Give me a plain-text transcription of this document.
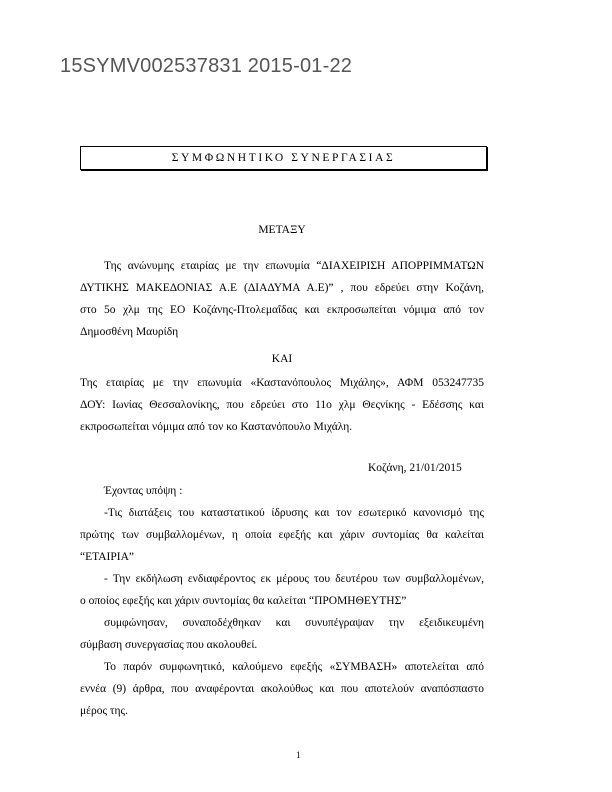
15SYMV002537831 2015-01-22
ΣΥΜΦΩΝΗΤΙΚΟ ΣΥΝΕΡΓΑΣΙΑΣ
ΜΕΤΑΞΥ
Της ανώνυμης εταιρίας με την επωνυμία “ΔΙΑΧΕΙΡΙΣΗ ΑΠΟΡΡΙΜΜΑΤΩΝ
ΔΥΤΙΚΗΣ ΜΑΚΕΔΟΝΙΑΣ Α.Ε (ΔΙΑΔΥΜΑ Α.Ε)” , που εδρεύει στην Κοζάνη,
στο 5ο χλμ της ΕΟ Κοζάνης-Πτολεμαΐδας και εκπροσωπείται νόμιμα από τον
Δημοσθένη Μαυρίδη
ΚΑΙ
Της εταιρίας με την επωνυμία «Καστανόπουλος Μιχάλης», ΑΦΜ 053247735
ΔΟΥ: Ιωνίας Θεσσαλονίκης, που εδρεύει στο 11ο χλμ Θεςνίκης - Εδέσσης και
εκπροσωπείται νόμιμα από τον κο Καστανόπουλο Μιχάλη.
Κοζάνη, 21/01/2015
Έχοντας υπόψη :
-Τις διατάξεις του καταστατικού ίδρυσης και τον εσωτερικό κανονισμό της
πρώτης των συμβαλλομένων, η οποία εφεξής και χάριν συντομίας θα καλείται
“ΕΤΑΙΡΙΑ”
- Την εκδήλωση ενδιαφέροντος εκ μέρους του δευτέρου των συμβαλλομένων,
ο οποίος εφεξής και χάριν συντομίας θα καλείται “ΠΡΟΜΗΘΕΥΤΗΣ”
συμφώνησαν, συναποδέχθηκαν και συνυπέγραψαν την εξειδικευμένη
σύμβαση συνεργασίας που ακολουθεί.
Το παρόν συμφωνητικό, καλούμενο εφεξής «ΣΥΜΒΑΣΗ» αποτελείται από
εννέα (9) άρθρα, που αναφέρονται ακολούθως και που αποτελούν αναπόσπαστο
μέρος της.
1
